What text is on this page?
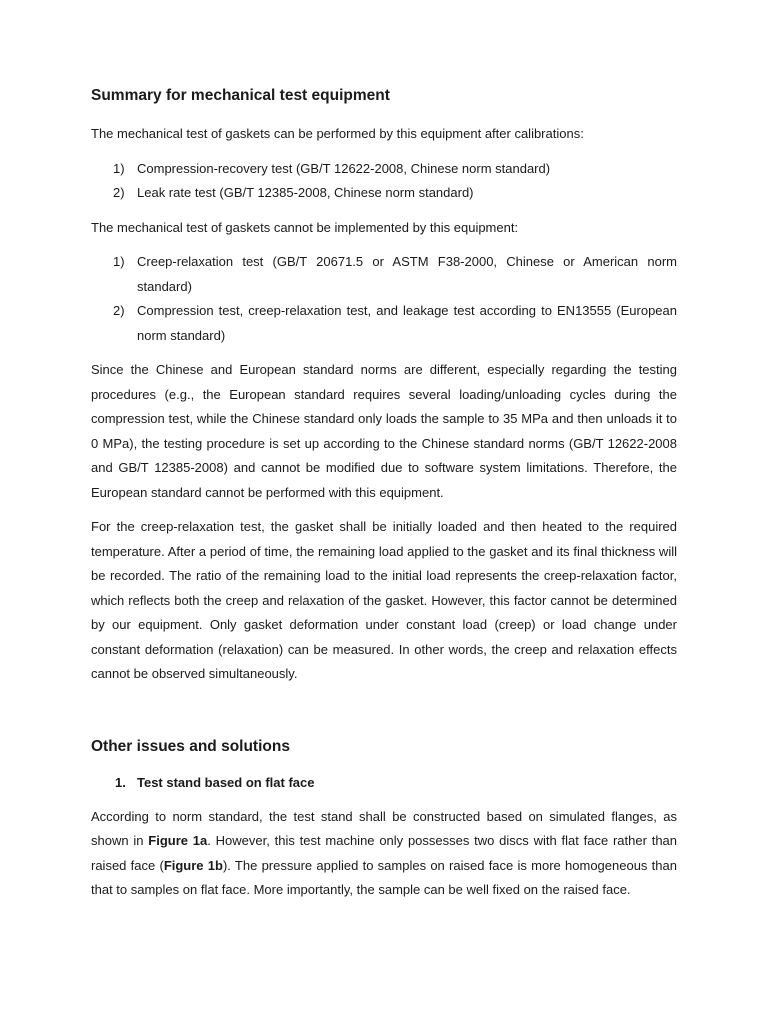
Summary for mechanical test equipment

The mechanical test of gaskets can be performed by this equipment after calibrations:

1) Compression-recovery test (GB/T 12622-2008, Chinese norm standard)
2) Leak rate test (GB/T 12385-2008, Chinese norm standard)

The mechanical test of gaskets cannot be implemented by this equipment:

1) Creep-relaxation test (GB/T 20671.5 or ASTM F38-2000, Chinese or American norm standard)
2) Compression test, creep-relaxation test, and leakage test according to EN13555 (European norm standard)

Since the Chinese and European standard norms are different, especially regarding the testing procedures (e.g., the European standard requires several loading/unloading cycles during the compression test, while the Chinese standard only loads the sample to 35 MPa and then unloads it to 0 MPa), the testing procedure is set up according to the Chinese standard norms (GB/T 12622-2008 and GB/T 12385-2008) and cannot be modified due to software system limitations. Therefore, the European standard cannot be performed with this equipment.

For the creep-relaxation test, the gasket shall be initially loaded and then heated to the required temperature. After a period of time, the remaining load applied to the gasket and its final thickness will be recorded. The ratio of the remaining load to the initial load represents the creep-relaxation factor, which reflects both the creep and relaxation of the gasket. However, this factor cannot be determined by our equipment. Only gasket deformation under constant load (creep) or load change under constant deformation (relaxation) can be measured. In other words, the creep and relaxation effects cannot be observed simultaneously.

Other issues and solutions
1. Test stand based on flat face

According to norm standard, the test stand shall be constructed based on simulated flanges, as shown in Figure 1a. However, this test machine only possesses two discs with flat face rather than raised face (Figure 1b). The pressure applied to samples on raised face is more homogeneous than that to samples on flat face. More importantly, the sample can be well fixed on the raised face.
